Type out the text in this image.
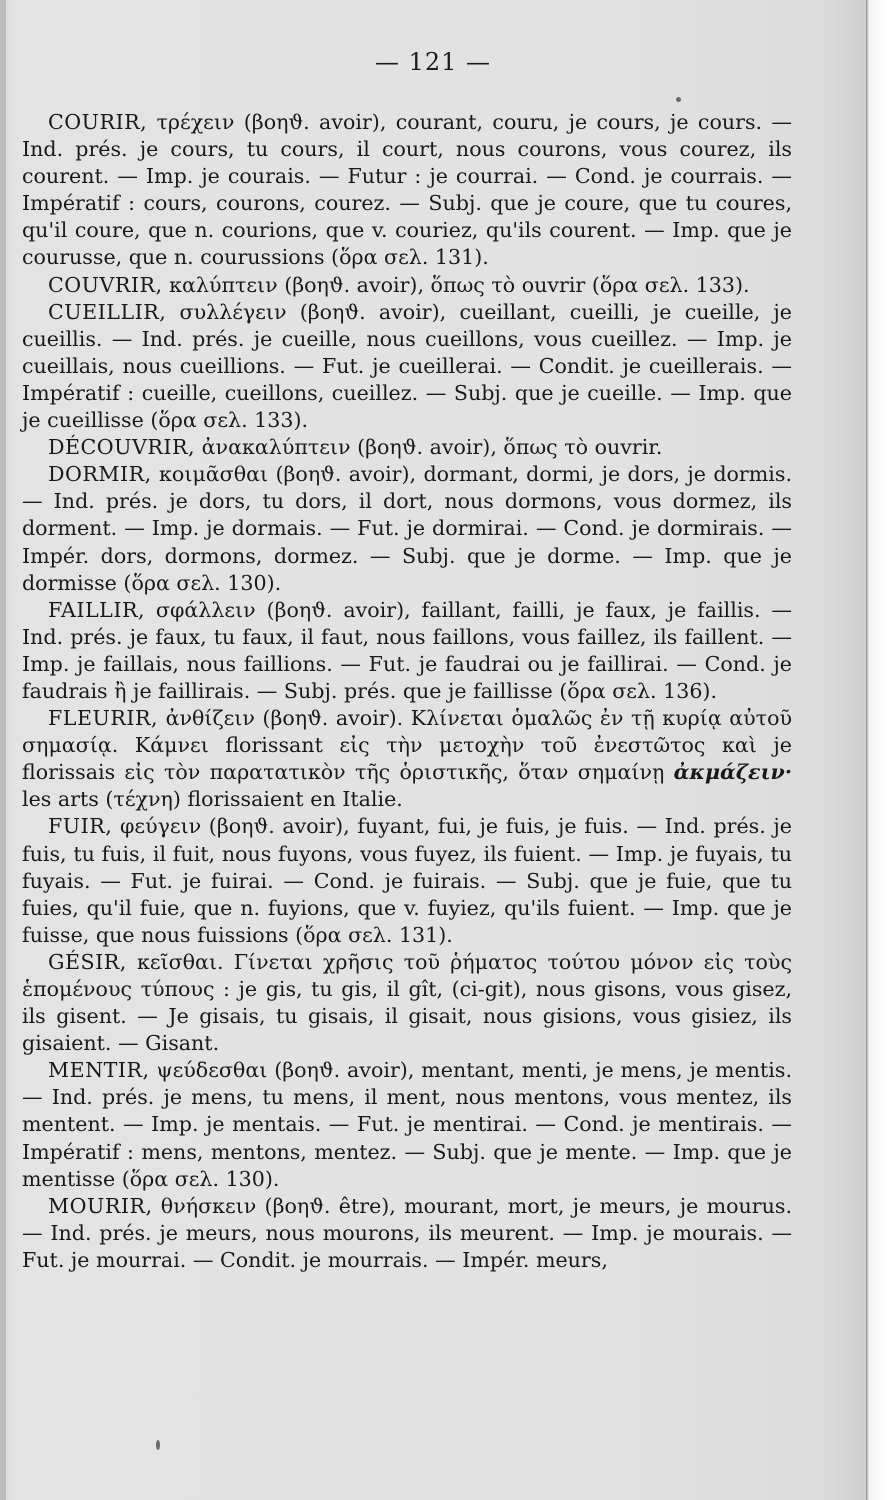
— 121 —

COURIR, τρέχειν (βοηϑ. avoir), courant, couru, je cours, je cours. — Ind. prés. je cours, tu cours, il court, nous courons, vous courez, ils courent. — Imp. je courais. — Futur : je courrai. — Cond. je courrais. — Impératif : cours, courons, courez. — Subj. que je coure, que tu coures, qu'il coure, que n. courions, que v. couriez, qu'ils courent. — Imp. que je courusse, que n. courussions (ὅρα σελ. 131).

COUVRIR, καλύπτειν (βοηϑ. avoir), ὅπως τὸ ouvrir (ὅρα σελ. 133).

CUEILLIR, συλλέγειν (βοηϑ. avoir), cueillant, cueilli, je cueille, je cueillis. — Ind. prés. je cueille, nous cueillons, vous cueillez. — Imp. je cueillais, nous cueillions. — Fut. je cueillerai. — Condit. je cueillerais. — Impératif : cueille, cueillons, cueillez. — Subj. que je cueille. — Imp. que je cueillisse (ὅρα σελ. 133).

DÉCOUVRIR, ἀνακαλύπτειν (βοηϑ. avoir), ὅπως τὸ ouvrir.

DORMIR, κοιμᾶσθαι (βοηϑ. avoir), dormant, dormi, je dors, je dormis. — Ind. prés. je dors, tu dors, il dort, nous dormons, vous dormez, ils dorment. — Imp. je dormais. — Fut. je dormirai. — Cond. je dormirais. — Impér. dors, dormons, dormez. — Subj. que je dorme. — Imp. que je dormisse (ὅρα σελ. 130).

FAILLIR, σφάλλειν (βοηϑ. avoir), faillant, failli, je faux, je faillis. — Ind. prés. je faux, tu faux, il faut, nous faillons, vous faillez, ils faillent. — Imp. je faillais, nous faillions. — Fut. je faudrai ou je faillirai. — Cond. je faudrais ἢ je faillirais. — Subj. prés. que je faillisse (ὅρα σελ. 136).

FLEURIR, ἀνθίζειν (βοηϑ. avoir). Κλίνεται ὁμαλῶς ἐν τῇ κυρίᾳ αὐτοῦ σημασίᾳ. Κάμνει florissant εἰς τὴν μετοχὴν τοῦ ἐνεστῶτος καὶ je florissais εἰς τὸν παρατατικὸν τῆς ὁριστικῆς, ὅταν σημαίνῃ ἀκμάζειν· les arts (τέχνη) florissaient en Italie.

FUIR, φεύγειν (βοηϑ. avoir), fuyant, fui, je fuis, je fuis. — Ind. prés. je fuis, tu fuis, il fuit, nous fuyons, vous fuyez, ils fuient. — Imp. je fuyais, tu fuyais. — Fut. je fuirai. — Cond. je fuirais. — Subj. que je fuie, que tu fuies, qu'il fuie, que n. fuyions, que v. fuyiez, qu'ils fuient. — Imp. que je fuisse, que nous fuissions (ὅρα σελ. 131).

GÉSIR, κεῖσθαι. Γίνεται χρῆσις τοῦ ῥήματος τούτου μόνον εἰς τοὺς ἑπομένους τύπους : je gis, tu gis, il gît, (ci-git), nous gisons, vous gisez, ils gisent. — Je gisais, tu gisais, il gisait, nous gisions, vous gisiez, ils gisaient. — Gisant.

MENTIR, ψεύδεσθαι (βοηϑ. avoir), mentant, menti, je mens, je mentis. — Ind. prés. je mens, tu mens, il ment, nous mentons, vous mentez, ils mentent. — Imp. je mentais. — Fut. je mentirai. — Cond. je mentirais. — Impératif : mens, mentons, mentez. — Subj. que je mente. — Imp. que je mentisse (ὅρα σελ. 130).

MOURIR, θνήσκειν (βοηϑ. être), mourant, mort, je meurs, je mourus. — Ind. prés. je meurs, nous mourons, ils meurent. — Imp. je mourais. — Fut. je mourrai. — Condit. je mourrais. — Impér. meurs,
